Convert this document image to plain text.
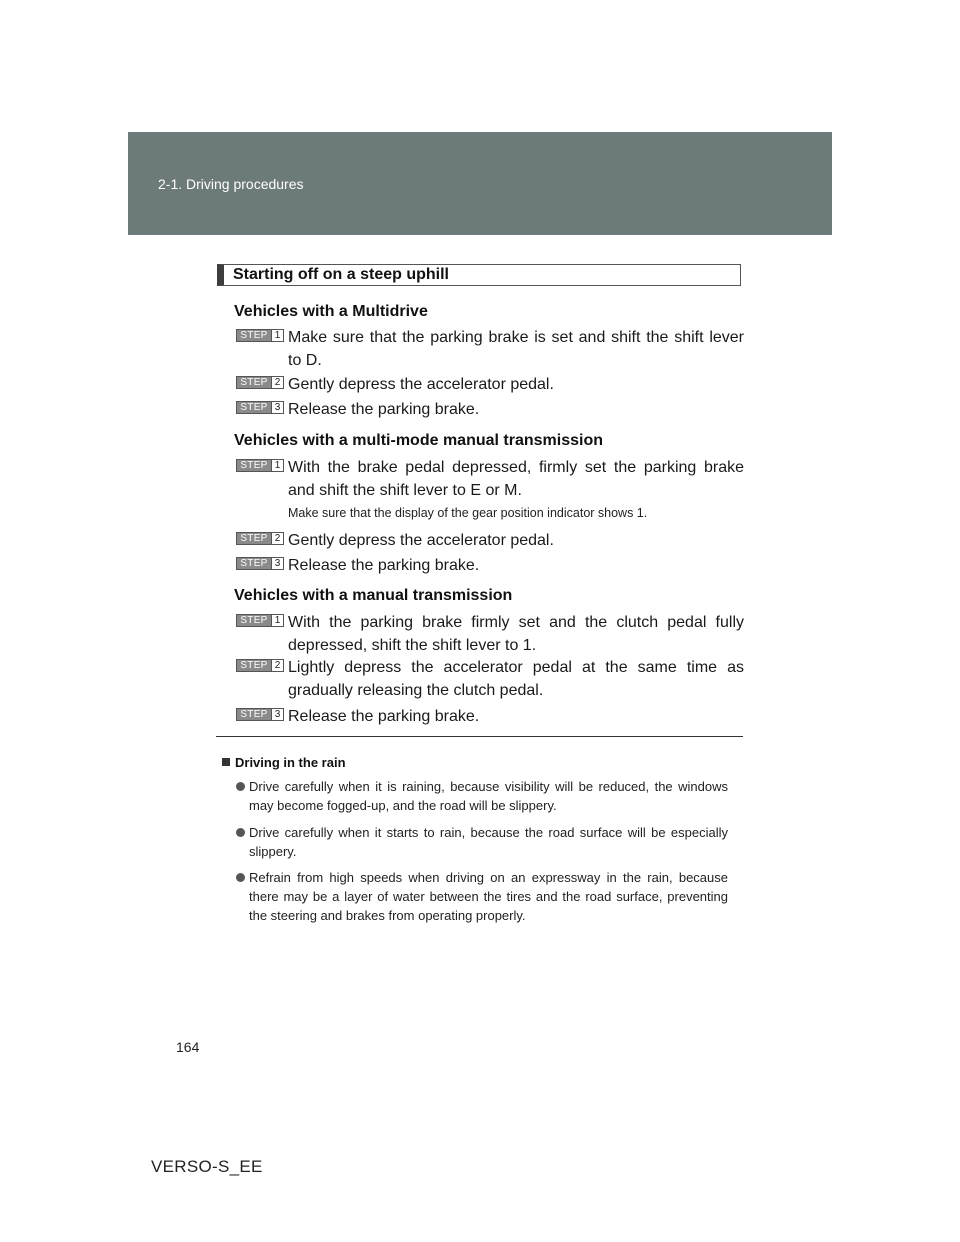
2-1. Driving procedures
Starting off on a steep uphill
Vehicles with a Multidrive
STEP 1 Make sure that the parking brake is set and shift the shift lever to D.
STEP 2 Gently depress the accelerator pedal.
STEP 3 Release the parking brake.
Vehicles with a multi-mode manual transmission
STEP 1 With the brake pedal depressed, firmly set the parking brake and shift the shift lever to E or M.
Make sure that the display of the gear position indicator shows 1.
STEP 2 Gently depress the accelerator pedal.
STEP 3 Release the parking brake.
Vehicles with a manual transmission
STEP 1 With the parking brake firmly set and the clutch pedal fully depressed, shift the shift lever to 1.
STEP 2 Lightly depress the accelerator pedal at the same time as gradually releasing the clutch pedal.
STEP 3 Release the parking brake.
Driving in the rain
Drive carefully when it is raining, because visibility will be reduced, the windows may become fogged-up, and the road will be slippery.
Drive carefully when it starts to rain, because the road surface will be especially slippery.
Refrain from high speeds when driving on an expressway in the rain, because there may be a layer of water between the tires and the road surface, preventing the steering and brakes from operating properly.
164
VERSO-S_EE
